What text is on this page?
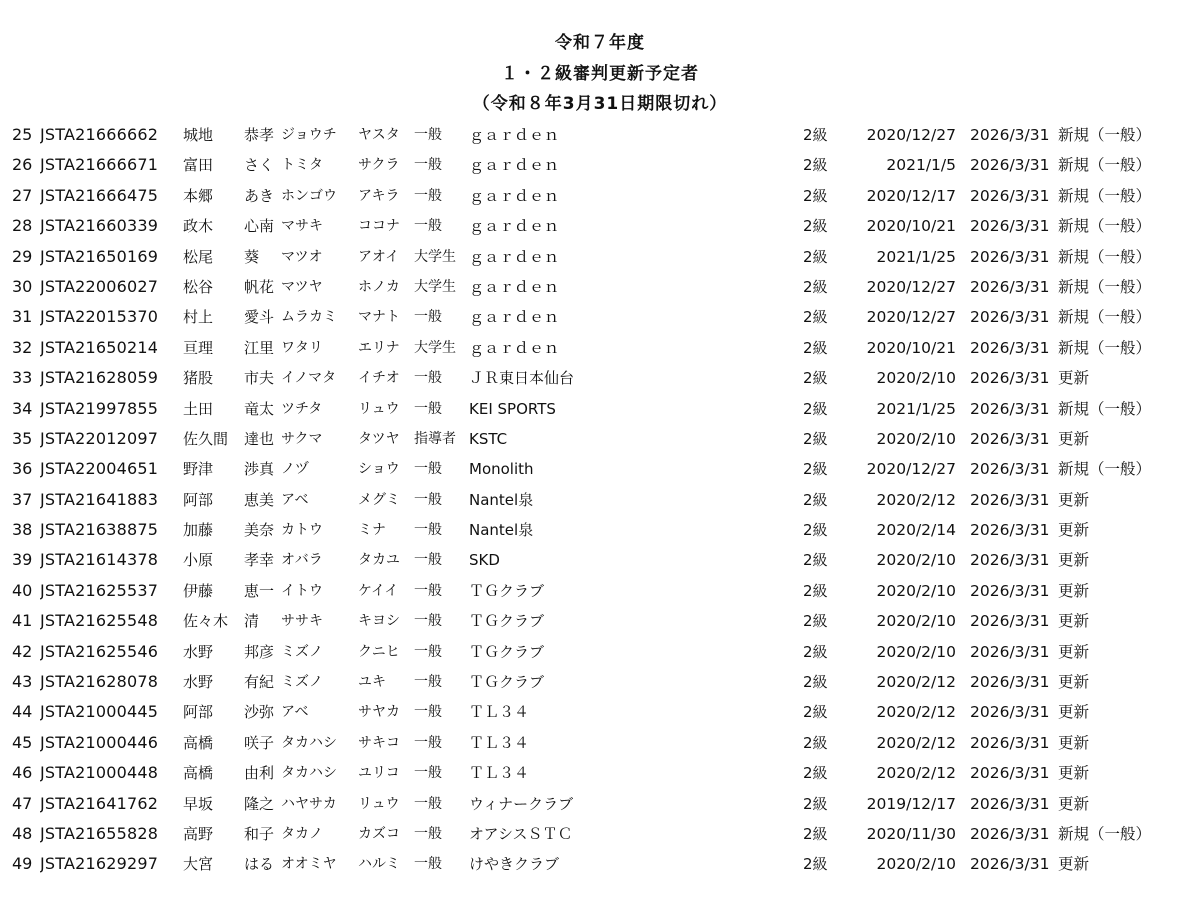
令和７年度
１・２級審判更新予定者
（令和８年3月31日期限切れ）
25 JSTA21666662	城地	恭孝 ジョウチ	ヤスタ	一般	ｇａｒｄｅｎ	2級	2020/12/27 2026/3/31 新規（一般）
26 JSTA21666671	富田	さく トミタ	サクラ	一般	ｇａｒｄｅｎ	2級	2021/1/5 2026/3/31 新規（一般）
27 JSTA21666475	本郷	あき ホンゴウ	アキラ	一般	ｇａｒｄｅｎ	2級	2020/12/17 2026/3/31 新規（一般）
28 JSTA21660339	政木	心南 マサキ	ココナ	一般	ｇａｒｄｅｎ	2級	2020/10/21 2026/3/31 新規（一般）
29 JSTA21650169	松尾	葵	マツオ	アオイ	大学生 ｇａｒｄｅｎ	2級	2021/1/25 2026/3/31 新規（一般）
30 JSTA22006027	松谷	帆花 マツヤ	ホノカ	大学生 ｇａｒｄｅｎ	2級	2020/12/27 2026/3/31 新規（一般）
31 JSTA22015370	村上	愛斗 ムラカミ	マナト	一般	ｇａｒｄｅｎ	2級	2020/12/27 2026/3/31 新規（一般）
32 JSTA21650214	亘理	江里 ワタリ	エリナ	大学生 ｇａｒｄｅｎ	2級	2020/10/21 2026/3/31 新規（一般）
33 JSTA21628059	猪股	市夫 イノマタ	イチオ	一般	ＪＲ東日本仙台	2級	2020/2/10 2026/3/31 更新
34 JSTA21997855	土田	竜太 ツチタ	リュウ	一般	KEI SPORTS	2級	2021/1/25 2026/3/31 新規（一般）
35 JSTA22012097	佐久間	達也 サクマ	タツヤ	指導者 KSTC	2級	2020/2/10 2026/3/31 更新
36 JSTA22004651	野津	渉真 ノヅ	ショウ	一般	Monolith	2級	2020/12/27 2026/3/31 新規（一般）
37 JSTA21641883	阿部	恵美 アベ	メグミ	一般	Nantel泉	2級	2020/2/12 2026/3/31 更新
38 JSTA21638875	加藤	美奈 カトウ	ミナ	一般	Nantel泉	2級	2020/2/14 2026/3/31 更新
39 JSTA21614378	小原	孝幸 オバラ	タカユ	一般	SKD	2級	2020/2/10 2026/3/31 更新
40 JSTA21625537	伊藤	恵一 イトウ	ケイイ	一般	ＴＧクラブ	2級	2020/2/10 2026/3/31 更新
41 JSTA21625548	佐々木	清	ササキ	キヨシ	一般	ＴＧクラブ	2級	2020/2/10 2026/3/31 更新
42 JSTA21625546	水野	邦彦 ミズノ	クニヒ	一般	ＴＧクラブ	2級	2020/2/10 2026/3/31 更新
43 JSTA21628078	水野	有紀 ミズノ	ユキ	一般	ＴＧクラブ	2級	2020/2/12 2026/3/31 更新
44 JSTA21000445	阿部	沙弥 アベ	サヤカ	一般	ＴＬ３４	2級	2020/2/12 2026/3/31 更新
45 JSTA21000446	高橋	咲子 タカハシ	サキコ	一般	ＴＬ３４	2級	2020/2/12 2026/3/31 更新
46 JSTA21000448	高橋	由利 タカハシ	ユリコ	一般	ＴＬ３４	2級	2020/2/12 2026/3/31 更新
47 JSTA21641762	早坂	隆之 ハヤサカ	リュウ	一般	ウィナークラブ	2級	2019/12/17 2026/3/31 更新
48 JSTA21655828	高野	和子 タカノ	カズコ	一般	オアシスＳＴＣ	2級	2020/11/30 2026/3/31 新規（一般）
49 JSTA21629297	大宮	はる オオミヤ	ハルミ	一般	けやきクラブ	2級	2020/2/10 2026/3/31 更新
